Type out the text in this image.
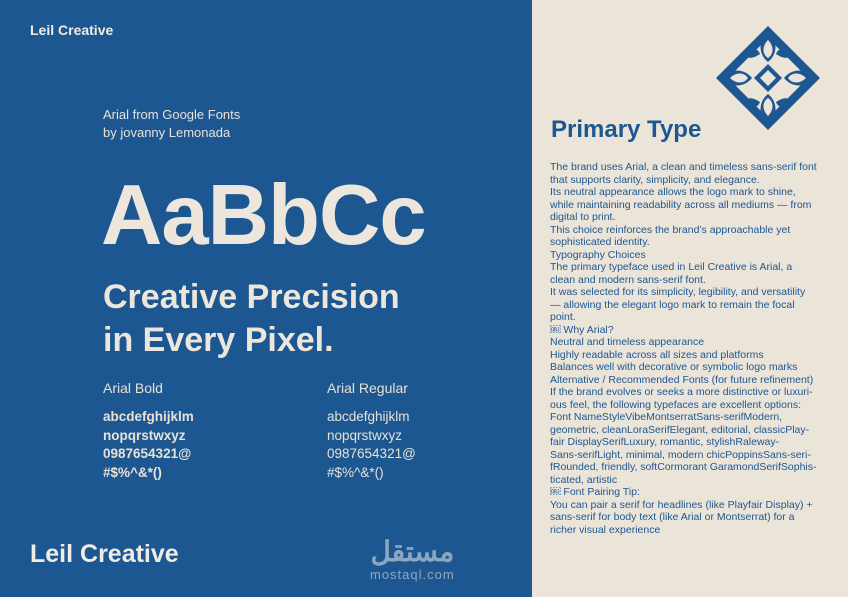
Leil Creative
Arial from Google Fonts
by jovanny Lemonada
AaBbCc
Creative Precision
in Every Pixel.
Arial Bold
abcdefghijklm
nopqrstwxyz
0987654321@
#$%^&*()
Arial Regular
abcdefghijklm
nopqrstwxyz
0987654321@
#$%^&*()
Leil Creative	مستقل
mostaql.com
Primary Type
The brand uses Arial, a clean and timeless sans-serif font
that supports clarity, simplicity, and elegance.
Its neutral appearance allows the logo mark to shine,
while maintaining readability across all mediums — from
digital to print.
This choice reinforces the brand’s approachable yet
sophisticated identity.
Typography Choices
The primary typeface used in Leil Creative is Arial, a
clean and modern sans-serif font.
It was selected for its simplicity, legibility, and versatility
— allowing the elegant logo mark to remain the focal
point.
￼ Why Arial?
Neutral and timeless appearance
Highly readable across all sizes and platforms
Balances well with decorative or symbolic logo marks
Alternative / Recommended Fonts (for future refinement)
If the brand evolves or seeks a more distinctive or luxuri-
ous feel, the following typefaces are excellent options:
Font NameStyleVibeMontserratSans-serifModern,
geometric, cleanLoraSerifElegant, editorial, classicPlay-
fair DisplaySerifLuxury, romantic, stylishRaleway-
Sans-serifLight, minimal, modern chicPoppinsSans-seri-
fRounded, friendly, softCormorant GaramondSerifSophis-
ticated, artistic
￼ Font Pairing Tip:
You can pair a serif for headlines (like Playfair Display) +
sans-serif for body text (like Arial or Montserrat) for a
richer visual experience
